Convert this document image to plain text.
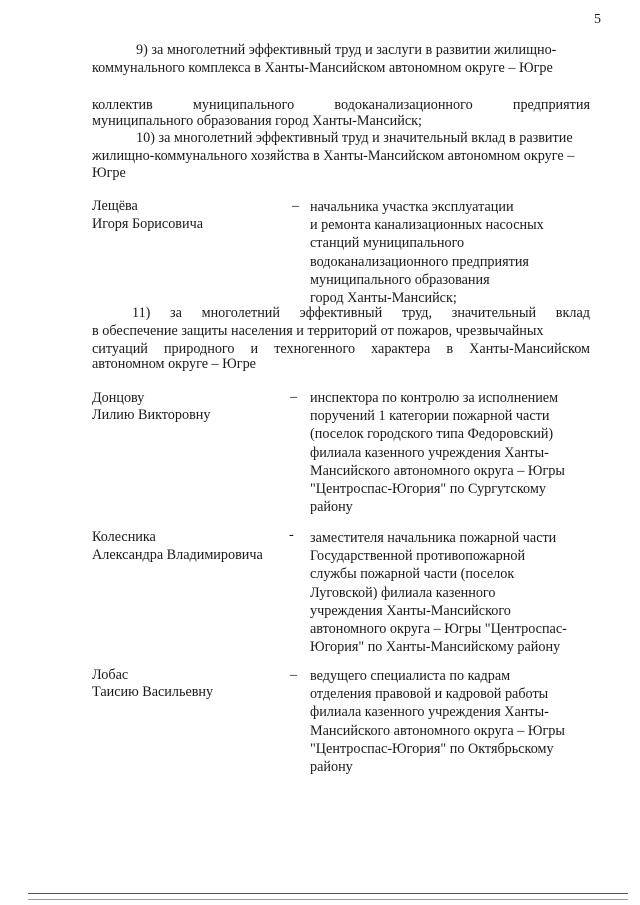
5
9) за многолетний эффективный труд и заслуги в развитии жилищно-
коммунального комплекса в Ханты-Мансийском автономном округе – Югре
коллектив муниципального водоканализационного предприятия
муниципального образования город Ханты-Мансийск;
10) за многолетний эффективный труд и значительный вклад в развитие
жилищно-коммунального хозяйства в Ханты-Мансийском автономном округе –
Югре
Лещёва
Игоря Борисовича
– начальника участка эксплуатации
и ремонта канализационных насосных
станций муниципального
водоканализационного предприятия
муниципального образования
город Ханты-Мансийск;
11) за многолетний эффективный труд, значительный вклад
в обеспечение защиты населения и территорий от пожаров, чрезвычайных
ситуаций природного и техногенного характера в Ханты-Мансийском
автономном округе – Югре
Донцову
Лилию Викторовну
– инспектора по контролю за исполнением
поручений 1 категории пожарной части
(поселок городского типа Федоровский)
филиала казенного учреждения Ханты-
Мансийского автономного округа – Югры
"Центроспас-Югория" по Сургутскому
району
Колесника
Александра Владимировича
- заместителя начальника пожарной части
Государственной противопожарной
службы пожарной части (поселок
Луговской) филиала казенного
учреждения Ханты-Мансийского
автономного округа – Югры "Центроспас-
Югория" по Ханты-Мансийскому району
Лобас
Таисию Васильевну
– ведущего специалиста по кадрам
отделения правовой и кадровой работы
филиала казенного учреждения Ханты-
Мансийского автономного округа – Югры
"Центроспас-Югория" по Октябрьскому
району
